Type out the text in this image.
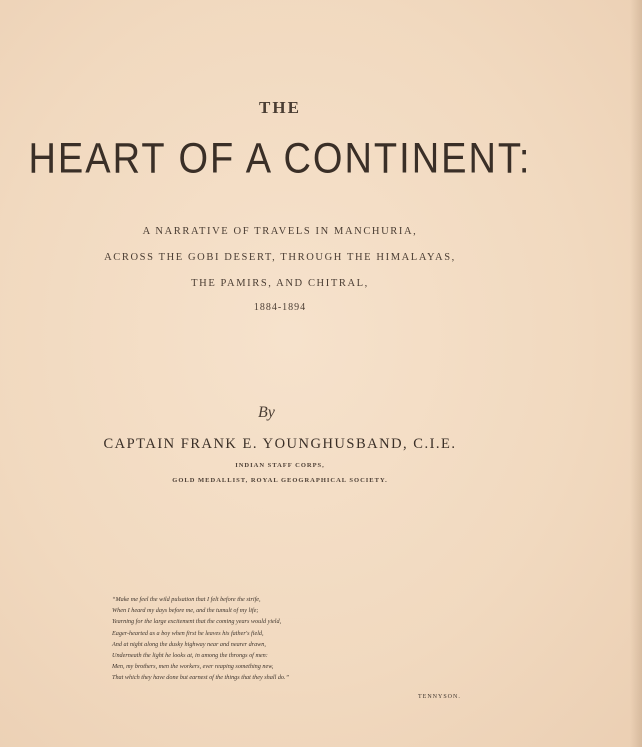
THE
HEART OF A CONTINENT:
A NARRATIVE OF TRAVELS IN MANCHURIA,
ACROSS THE GOBI DESERT, THROUGH THE HIMALAYAS,
THE PAMIRS, AND CHITRAL,
1884-1894
By
CAPTAIN FRANK E. YOUNGHUSBAND, C.I.E.
INDIAN STAFF CORPS,
GOLD MEDALLIST, ROYAL GEOGRAPHICAL SOCIETY.
“Make me feel the wild pulsation that I felt before the strife,
When I heard my days before me, and the tumult of my life;
Yearning for the large excitement that the coming years would yield,
Eager-hearted as a boy when first he leaves his father's field,
And at night along the dusky highway near and nearer drawn,
Underneath the light he looks at, in among the throngs of men:
Men, my brothers, men the workers, ever reaping something new,
That which they have done but earnest of the things that they shall do.”
TENNYSON.
